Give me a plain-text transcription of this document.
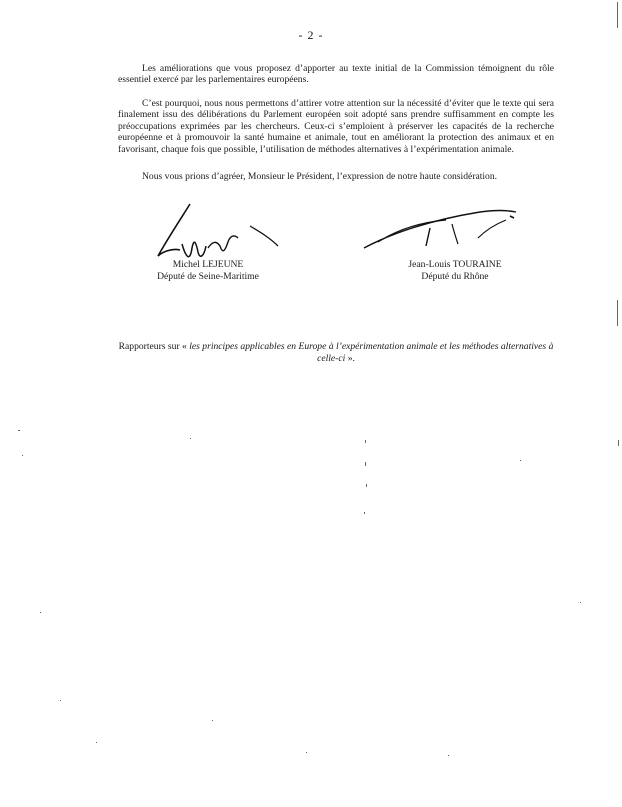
- 2 -

Les améliorations que vous proposez d’apporter au texte initial de la Commission témoignent du rôle essentiel exercé par les parlementaires européens.

C’est pourquoi, nous nous permettons d’attirer votre attention sur la nécessité d’éviter que le texte qui sera finalement issu des délibérations du Parlement européen soit adopté sans prendre suffisamment en compte les préoccupations exprimées par les chercheurs. Ceux-ci s’emploient à préserver les capacités de la recherche européenne et à promouvoir la santé humaine et animale, tout en améliorant la protection des animaux et en favorisant, chaque fois que possible, l’utilisation de méthodes alternatives à l’expérimentation animale.

Nous vous prions d’agréer, Monsieur le Président, l’expression de notre haute considération.

Michel LEJEUNE
Député de Seine-Maritime
Jean-Louis TOURAINE
Député du Rhône
Rapporteurs sur « les principes applicables en Europe à l’expérimentation animale et les méthodes alternatives à celle-ci ».
